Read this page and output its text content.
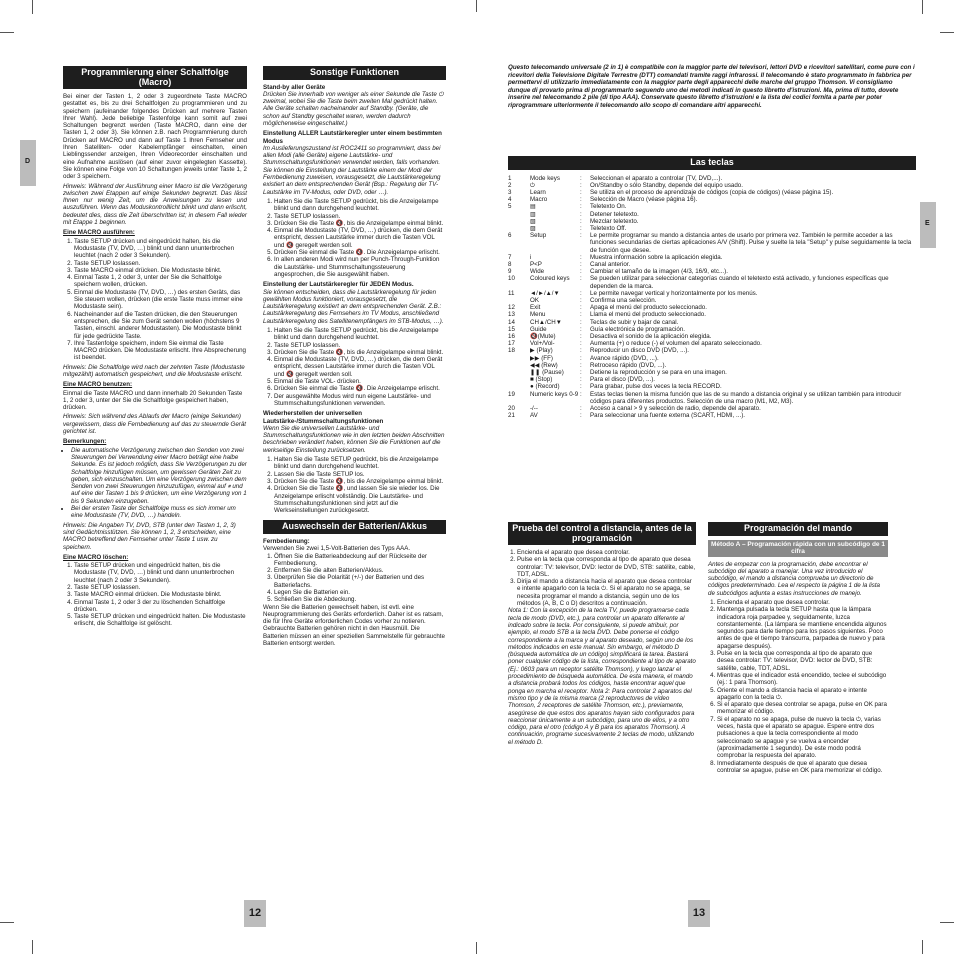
D
E
12	13
Programmierung einer Schaltfolge (Macro)

Bei einer der Tasten 1, 2 oder 3 zugeordnete Taste MACRO gestattet es, bis zu drei Schaltfolgen zu programmieren und zu speichern (aufeinander folgendes Drücken auf mehrere Tasten Ihrer Wahl). Jede beliebige Tastenfolge kann somit auf zwei Schaltungen begrenzt werden (Taste MACRO, dann eine der Tasten 1, 2 oder 3). Sie können z.B. nach Programmierung durch Drücken auf MACRO und dann auf Taste 1 Ihren Fernseher und Ihren Satelliten- oder Kabelempfänger einschalten, einen Lieblingssender anzeigen, Ihren Videorecorder einschalten und eine Aufnahme auslösen (auf einer zuvor eingelegten Kassette). Sie können eine Folge von 10 Schaltungen jeweils unter Taste 1, 2 oder 3 speichern.

Hinweis: Während der Ausführung einer Macro ist die Verzögerung zwischen zwei Etappen auf einige Sekunden begrenzt. Das lässt Ihnen nur wenig Zeit, um die Anweisungen zu lesen und auszuführen. Wenn das Moduskontrolllicht blinkt und dann erlischt, bedeutet dies, dass die Zeit überschritten ist; in diesem Fall wieder mit Etappe 1 beginnen.

Eine MACRO ausführen:
1. Taste SETUP drücken und eingedrückt halten, bis die Modustaste (TV, DVD, …) blinkt und dann ununterbrochen leuchtet (nach 2 oder 3 Sekunden).
2. Taste SETUP loslassen.
3. Taste MACRO einmal drücken. Die Modustaste blinkt.
4. Einmal Taste 1, 2 oder 3, unter der Sie die Schaltfolge speichern wollen, drücken.
5. Einmal die Modustaste (TV, DVD, …) des ersten Geräts, das Sie steuern wollen, drücken (die erste Taste muss immer eine Modustaste sein).
6. Nacheinander auf die Tasten drücken, die den Steuerungen entsprechen, die Sie zum Gerät senden wollen (höchstens 9 Tasten, einschl. anderer Modustasten). Die Modustaste blinkt für jede gedrückte Taste.
7. Ihre Tastenfolge speichern, indem Sie einmal die Taste MACRO drücken. Die Modustaste erlischt. Ihre Absprecherung ist beendet.

Hinweis: Die Schaltfolge wird nach der zehnten Taste (Modustaste mitgezählt) automatisch gespeichert, und die Modustaste erlischt.

Eine MACRO benutzen:

Einmal die Taste MACRO und dann innerhalb 20 Sekunden Taste 1, 2 oder 3, unter der Sie die Schaltfolge gespeichert haben, drücken.

Hinweis: Sich während des Ablaufs der Macro (einige Sekunden) vergewissern, dass die Fernbedienung auf das zu steuernde Gerät gerichtet ist.

Bemerkungen:
• Die automatische Verzögerung zwischen den Senden von zwei Steuerungen bei Verwendung einer Macro beträgt eine halbe Sekunde. Es ist jedoch möglich, dass Sie Verzögerungen zu der Schaltfolge hinzufügen müssen, um gewissen Geräten Zeit zu geben, sich einzuschalten. Um eine Verzögerung zwischen dem Senden von zwei Steuerungen hinzuzufügen, einmal auf ⏸ und auf eine der Tasten 1 bis 9 drücken, um eine Verzögerung von 1 bis 9 Sekunden einzugeben.
• Bei der ersten Taste der Schaltfolge muss es sich immer um eine Modustaste (TV, DVD, …) handeln.

Hinweis: Die Angaben TV, DVD, STB (unter den Tasten 1, 2, 3) sind Gedächtnisstützen. Sie können 1, 2, 3 entscheiden, eine MACRO betreffend den Fernseher unter Taste 1 usw. zu speichern.

Eine MACRO löschen:
1. Taste SETUP drücken und eingedrückt halten, bis die Modustaste (TV, DVD, …) blinkt und dann ununterbrochen leuchtet (nach 2 oder 3 Sekunden).
2. Taste SETUP loslassen.
3. Taste MACRO einmal drücken. Die Modustaste blinkt.
4. Einmal Taste 1, 2 oder 3 der zu löschenden Schaltfolge drücken.
5. Taste SETUP drücken und eingedrückt halten. Die Modustaste erlischt, die Schaltfolge ist gelöscht.
Sonstige Funktionen
Stand-by aller Geräte

Drücken Sie innerhalb von weniger als einer Sekunde die Taste ⏻ zweimal, wobei Sie die Taste beim zweiten Mal gedrückt halten. Alle Geräte schalten nacheinander auf Standby. (Geräte, die schon auf Standby geschaltet waren, werden dadurch möglicherweise eingeschaltet.)

Einstellung ALLER Lautstärkeregler unter einem bestimmten Modus

Im Auslieferungszustand ist ROC2411 so programmiert, dass bei allen Modi (alle Geräte) eigene Lautstärke- und Stummschaltungsfunktionen verwendet werden, falls vorhanden. Sie können die Einstellung der Lautstärke einem der Modi der Fernbedienung zuweisen, vorausgesetzt, die Lautstärkeregelung existiert an dem entsprechenden Gerät (Bsp.: Regelung der TV-Lautstärke im TV-Modus, oder DVD, oder …).

1. Halten Sie die Taste SETUP gedrückt, bis die Anzeigelampe blinkt und dann durchgehend leuchtet.
2. Taste SETUP loslassen.
3. Drücken Sie die Taste 🔇, bis die Anzeigelampe einmal blinkt.
4. Einmal die Modustaste (TV, DVD, …) drücken, die dem Gerät entspricht, dessen Lautstärke immer durch die Tasten VOL und 🔇 geregelt werden soll.
5. Drücken Sie einmal die Taste 🔇. Die Anzeigelampe erlischt.
6. In allen anderen Modi wird nun per Punch-Through-Funktion die Lautstärke- und Stummschaltungssteuerung angesprochen, die Sie ausgewählt haben.
Einstellung der Lautstärkeregler für JEDEN Modus.

Sie können entscheiden, dass die Lautstärkeregelung für jeden gewählten Modus funktioniert, vorausgesetzt, die Lautstärkeregelung existiert an dem entsprechenden Gerät. Z.B.: Lautstärkeregelung des Fernsehers im TV Modus, anschließend Lautstärkeregelung des Satellitenempfängers im STB-Modus, …).

1. Halten Sie die Taste SETUP gedrückt, bis die Anzeigelampe blinkt und dann durchgehend leuchtet.
2. Taste SETUP loslassen.
3. Drücken Sie die Taste 🔇, bis die Anzeigelampe einmal blinkt.
4. Einmal die Modustaste (TV, DVD, …) drücken, die dem Gerät entspricht, dessen Lautstärke immer durch die Tasten VOL und 🔇 geregelt werden soll.
5. Einmal die Taste VOL- drücken.
6. Drücken Sie einmal die Taste 🔇. Die Anzeigelampe erlischt.
7. Der ausgewählte Modus wird nun eigene Lautstärke- und Stummschaltungsfunktionen verwenden.
Wiederherstellen der universellen Lautstärke-/Stummschaltungsfunktionen

Wenn Sie die universellen Lautstärke- und Stummschaltungsfunktionen wie in den letzten beiden Abschnitten beschrieben verändert haben, können Sie die Funktionen auf die werkseitige Einstellung zurücksetzen.

1. Halten Sie die Taste SETUP gedrückt, bis die Anzeigelampe blinkt und dann durchgehend leuchtet.
2. Lassen Sie die Taste SETUP los.
3. Drücken Sie die Taste 🔇, bis die Anzeigelampe einmal blinkt.
4. Drücken Sie die Taste 🔇, und lassen Sie sie wieder los. Die Anzeigelampe erlischt vollständig. Die Lautstärke- und Stummschaltungsfunktionen sind jetzt auf die Werkseinstellungen zurückgesetzt.
Auswechseln der Batterien/Akkus
Fernbedienung:

Verwenden Sie zwei 1,5-Volt-Batterien des Typs AAA.

1. Öffnen Sie die Batterieabdeckung auf der Rückseite der Fernbedienung.
2. Entfernen Sie die alten Batterien/Akkus.
3. Überprüfen Sie die Polarität (+/-) der Batterien und des Batteriefachs.
4. Legen Sie die Batterien ein.
5. Schließen Sie die Abdeckung.

Wenn Sie die Batterien gewechselt haben, ist evtl. eine Neuprogrammierung des Geräts erforderlich. Daher ist es ratsam, die für Ihre Geräte erforderlichen Codes vorher zu notieren. Gebrauchte Batterien gehören nicht in den Hausmüll. Die Batterien müssen an einer speziellen Sammelstelle für gebrauchte Batterien entsorgt werden.

Questo telecomando universale (2 in 1) è compatibile con la maggior parte dei televisori, lettori DVD e ricevitori satellitari, come pure con i ricevitori della Televisione Digitale Terrestre (DTT) comandati tramite raggi infrarossi. Il telecomando è stato programmato in fabbrica per permettervi di utilizzarlo immediatamente con la maggior parte degli apparecchi delle marche del gruppo Thomson. Vi consigliamo dunque di provarlo prima di programmarlo seguendo uno dei metodi indicati in questo libretto d'istruzioni. Ma, prima di tutto, dovete inserire nel telecomando 2 pile (di tipo AAA). Conservate questo libretto d'istruzioni e la lista dei codici fornita a parte per poter riprogrammare ulteriormente il telecomando allo scopo di comandare altri apparecchi.

Las teclas
1	Mode keys	:	Seleccionan el aparato a controlar (TV, DVD,...).
2	⏻	:	On/Standby o sólo Standby, depende del equipo usado.
3	Learn	:	Se utiliza en el proceso de aprendizaje de códigos (copia de códigos) (véase página 15).
4	Macro	:	Selección de Macro (véase página 16).
5	▤	:	Teletexto On.
	▥	:	Detener teletexto.
	▧	:	Mezclar teletexto.
	▨	:	Teletexto Off.
6	Setup	:	Le permite programar su mando a distancia antes de usarlo por primera vez. También le permite acceder a las funciones secundarias de ciertas aplicaciones A/V (Shift). Pulse y suelte la tela "Setup" y pulse seguidamente la tecla de función que desee.
7	i	:	Muestra información sobre la aplicación elegida.
8	P<P	:	Canal anterior.
9	Wide	:	Cambiar el tamaño de la imagen (4/3, 16/9, etc...).
10	Coloured keys	:	Se pueden utilizar para seleccionar categorías cuando el teletexto está activado, y funciones específicas que dependen de la marca.
11	◄/►/▲/▼	:	Le permite navegar vertical y horizontalmente por los menús.
	OK	:	Confirma una selección.
12	Exit	:	Apaga el menú del producto seleccionado.
13	Menu	:	Llama el menú del producto seleccionado.
14	CH▲/CH▼	:	Teclas de subir y bajar de canal.
15	Guide	:	Guía electrónica de programación.
16	🔇(Mute)	:	Desactiva el sonido de la aplicación elegida.
17	Vol+/Vol-	:	Aumenta (+) o reduce (-) el volumen del aparato seleccionado.
18	▶ (Play)	:	Reproducir un disco DVD (DVD, ...).
	▶▶ (FF)	:	Avance rápido (DVD, ...).
	◀◀ (Rew)	:	Retroceso rápido (DVD, ...).
	❚❚ (Pause)	:	Detiene la reproducción y se para en una imagen.
	■ (Stop)	:	Para el disco (DVD, ...).
	● (Record)	:	Para grabar, pulse dos veces la tecla RECORD.
19	Numeric keys 0-9	:	Estas teclas tienen la misma función que las de su mando a distancia original y se utilizan también para introducir códigos para diferentes productos. Selección de una macro (M1, M2, M3).
20	-/--	:	Acceso a canal > 9 y selección de radio, depende del aparato.
21	AV	:	Para seleccionar una fuente externa (SCART, HDMI, ...).
Prueba del control a distancia, antes de la programación
1. Encienda el aparato que desea controlar.
2. Pulse en la tecla que corresponda al tipo de aparato que desea controlar: TV: televisor, DVD: lector de DVD, STB: satélite, cable, TDT, ADSL.
3. Dirija el mando a distancia hacia el aparato que desea controlar e intente apagarlo con la tecla ⏻. Si el aparato no se apaga, se necesita programar el mando a distancia, según uno de los métodos (A, B, C o D) descritos a continuación.

Nota 1: Con la excepción de la tecla TV, puede programarse cada tecla de modo (DVD, etc.), para controlar un aparato diferente al indicado sobre la tecla. Por consiguiente, si puede atribuir, por ejemplo, el modo STB a la tecla DVD. Debe ponerse el código correspondiente a la marca y al aparato deseado, según uno de los métodos indicados en este manual. Sin embargo, el método D (búsqueda automática de un código) simplificará la tarea. Bastará poner cualquier código de la lista, correspondiente al tipo de aparato (Ej.: 0603 para un receptor satélite Thomson), y luego lanzar el procedimiento de búsqueda automática. De esta manera, el mando a distancia probará todos los códigos, hasta encontrar aquel que ponga en marcha el receptor. Nota 2: Para controlar 2 aparatos del mismo tipo y de la misma marca (2 reproductores de vídeo Thomson, 2 receptores de satélite Thomson, etc.), previamente, asegúrese de que estos dos aparatos hayan sido configurados para reaccionar únicamente a un subcódigo, para uno de ellos, y a otro código, para el otro (código A y B para los aparatos Thomson). A continuación, programe sucesivamente 2 teclas de modo, utilizando el método D.

Programación del mando
Método A – Programación rápida con un subcódigo de 1 cifra

Antes de empezar con la programación, debe encontrar el subcódigo del aparato a manejar. Una vez introducido el subcódigo, el mando a distancia comprueba un directorio de códigos predeterminado. Lea el respecto la página 1 de la lista de subcódigos adjunta a estas instrucciones de manejo.

1. Encienda el aparato que desea controlar.
2. Mantenga pulsada la tecla SETUP hasta que la lámpara indicadora roja parpadee y, seguidamente, luzca constantemente. (La lámpara se mantiene encendida algunos segundos para darle tiempo para los pasos siguientes. Poco antes de que el tiempo transcurra, parpadea de nuevo y para apagarse después).
3. Pulse en la tecla que corresponda al tipo de aparato que desea controlar: TV: televisor, DVD: lector de DVD, STB: satélite, cable, TDT, ADSL.
4. Mientras que el indicador está encendido, teclee el subcódigo (ej.: 1 para Thomson).
5. Oriente el mando a distancia hacia el aparato e intente apagarlo con la tecla ⏻.
6. Si el aparato que desea controlar se apaga, pulse en OK para memorizar el código.
7. Si el aparato no se apaga, pulse de nuevo la tecla ⏻, varias veces, hasta que el aparato se apague. Espere entre dos pulsaciones a que la tecla correspondiente al modo seleccionado se apague y se vuelva a encender (aproximadamente 1 segundo). De este modo podrá comprobar la respuesta del aparato.
8. Inmediatamente después de que el aparato que desea controlar se apague, pulse en OK para memorizar el código.
